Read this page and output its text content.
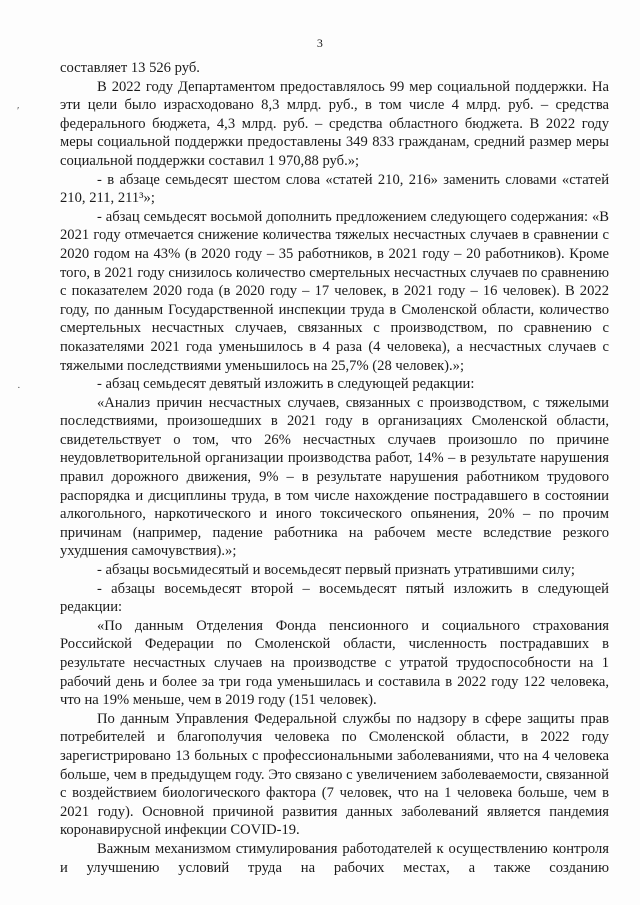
3
ʹ
·

составляет 13 526 руб.

В 2022 году Департаментом предоставлялось 99 мер социальной поддержки. На эти цели было израсходовано 8,3 млрд. руб., в том числе 4 млрд. руб. – средства федерального бюджета, 4,3 млрд. руб. – средства областного бюджета. В 2022 году меры социальной поддержки предоставлены 349 833 гражданам, средний размер меры социальной поддержки составил 1 970,88 руб.»;

- в абзаце семьдесят шестом слова «статей 210, 216» заменить словами «статей 210, 211, 211³»;

- абзац семьдесят восьмой дополнить предложением следующего содержания: «В 2021 году отмечается снижение количества тяжелых несчастных случаев в сравнении с 2020 годом на 43% (в 2020 году – 35 работников, в 2021 году – 20 работников). Кроме того, в 2021 году снизилось количество смертельных несчастных случаев по сравнению с показателем 2020 года (в 2020 году – 17 человек, в 2021 году – 16 человек). В 2022 году, по данным Государственной инспекции труда в Смоленской области, количество смертельных несчастных случаев, связанных с производством, по сравнению с показателями 2021 года уменьшилось в 4 раза (4 человека), а несчастных случаев с тяжелыми последствиями уменьшилось на 25,7% (28 человек).»;

- абзац семьдесят девятый изложить в следующей редакции:

«Анализ причин несчастных случаев, связанных с производством, с тяжелыми последствиями, произошедших в 2021 году в организациях Смоленской области, свидетельствует о том, что 26% несчастных случаев произошло по причине неудовлетворительной организации производства работ, 14% – в результате нарушения правил дорожного движения, 9% – в результате нарушения работником трудового распорядка и дисциплины труда, в том числе нахождение пострадавшего в состоянии алкогольного, наркотического и иного токсического опьянения, 20% – по прочим причинам (например, падение работника на рабочем месте вследствие резкого ухудшения самочувствия).»;

- абзацы восьмидесятый и восемьдесят первый признать утратившими силу;

- абзацы восемьдесят второй – восемьдесят пятый изложить в следующей редакции:

«По данным Отделения Фонда пенсионного и социального страхования Российской Федерации по Смоленской области, численность пострадавших в результате несчастных случаев на производстве с утратой трудоспособности на 1 рабочий день и более за три года уменьшилась и составила в 2022 году 122 человека, что на 19% меньше, чем в 2019 году (151 человек).

По данным Управления Федеральной службы по надзору в сфере защиты прав потребителей и благополучия человека по Смоленской области, в 2022 году зарегистрировано 13 больных с профессиональными заболеваниями, что на 4 человека больше, чем в предыдущем году. Это связано с увеличением заболеваемости, связанной с воздействием биологического фактора (7 человек, что на 1 человека больше, чем в 2021 году). Основной причиной развития данных заболеваний является пандемия коронавирусной инфекции COVID-19.

Важным механизмом стимулирования работодателей к осуществлению контроля и улучшению условий труда на рабочих местах, а также созданию
